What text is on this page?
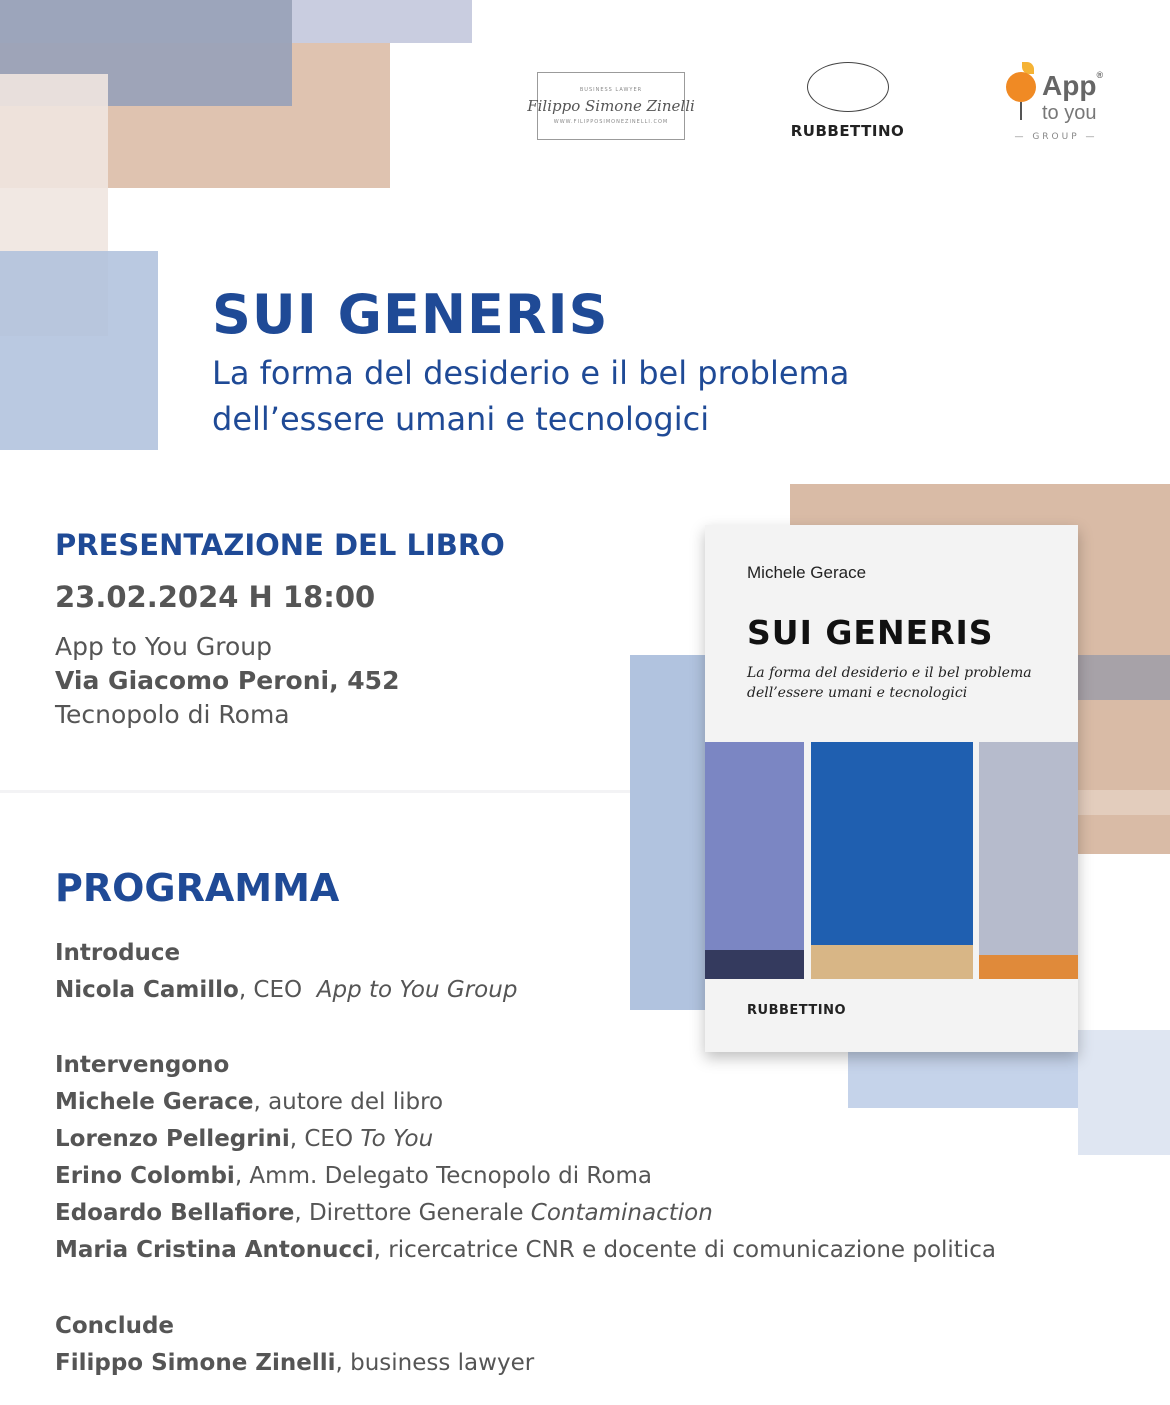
BUSINESS LAWYER
Filippo Simone Zinelli
WWW.FILIPPOSIMONEZINELLI.COM	RUBBETTINO
App®
to you
— GROUP —
SUI GENERIS
La forma del desiderio e il bel problema
dell’essere umani e tecnologici
PRESENTAZIONE DEL LIBRO
23.02.2024 H 18:00
App to You Group
Via Giacomo Peroni, 452
Tecnopolo di Roma
Michele Gerace
SUI GENERIS
La forma del desiderio e il bel problema
dell’essere umani e tecnologici
RUBBETTINO
PROGRAMMA
Introduce
Nicola Camillo, CEO  App to You Group
Intervengono
Michele Gerace, autore del libro
Lorenzo Pellegrini, CEO To You
Erino Colombi, Amm. Delegato Tecnopolo di Roma
Edoardo Bellafiore, Direttore Generale Contaminaction
Maria Cristina Antonucci, ricercatrice CNR e docente di comunicazione politica
Conclude
Filippo Simone Zinelli, business lawyer
